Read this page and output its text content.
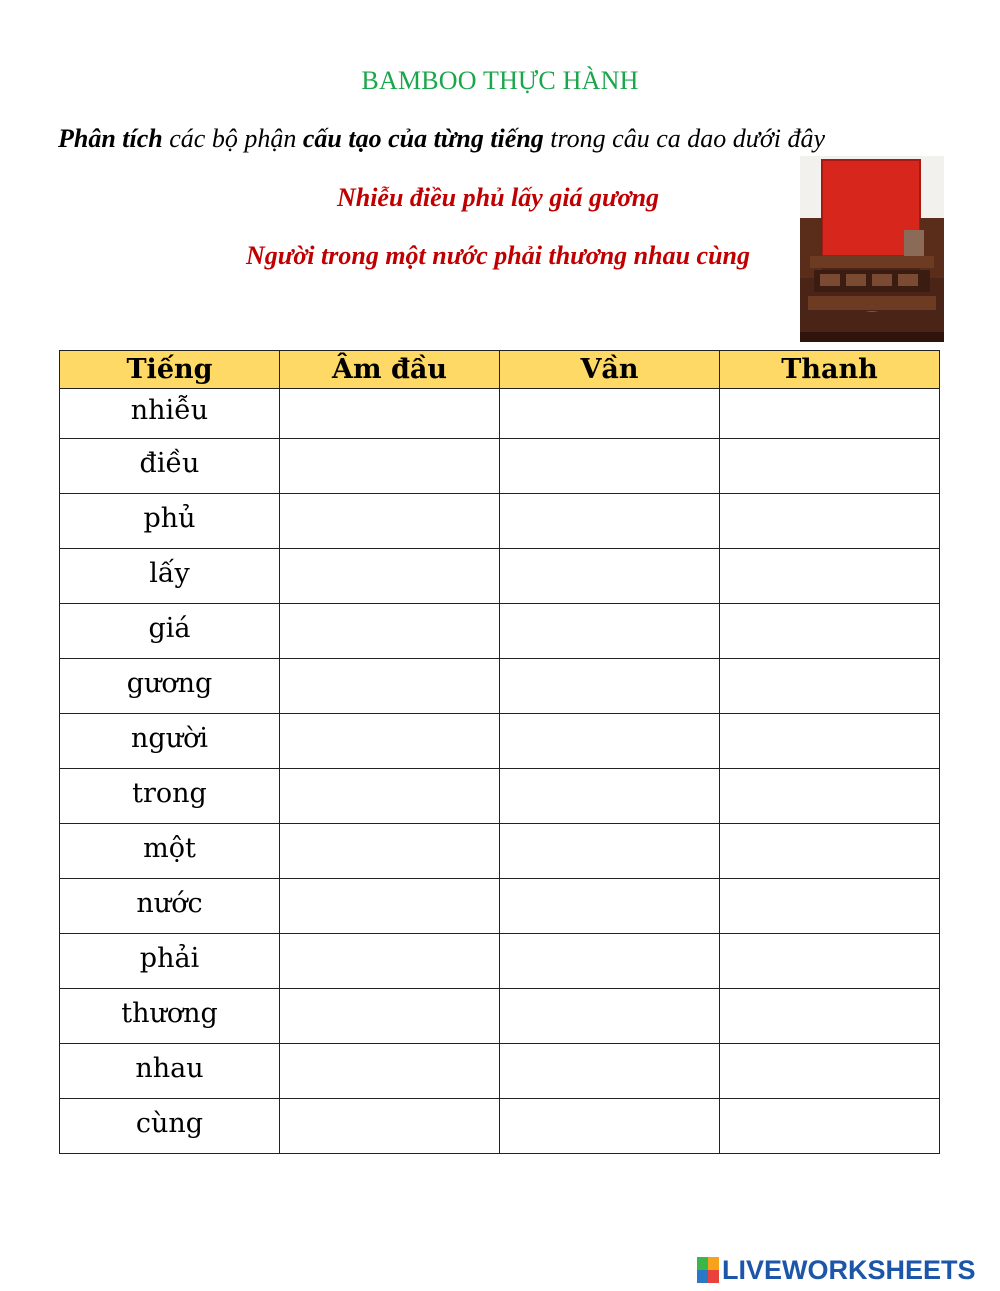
BAMBOO THỰC HÀNH
Phân tích các bộ phận cấu tạo của từng tiếng trong câu ca dao dưới đây
Nhiễu điều phủ lấy giá gương
Người trong một nước phải thương nhau cùng
Tiếng	Âm đầu	Vần	Thanh
nhiễu			
điều			
phủ			
lấy			
giá			
gương			
người			
trong			
một			
nước			
phải			
thương			
nhau			
cùng			
LIVEWORKSHEETS
